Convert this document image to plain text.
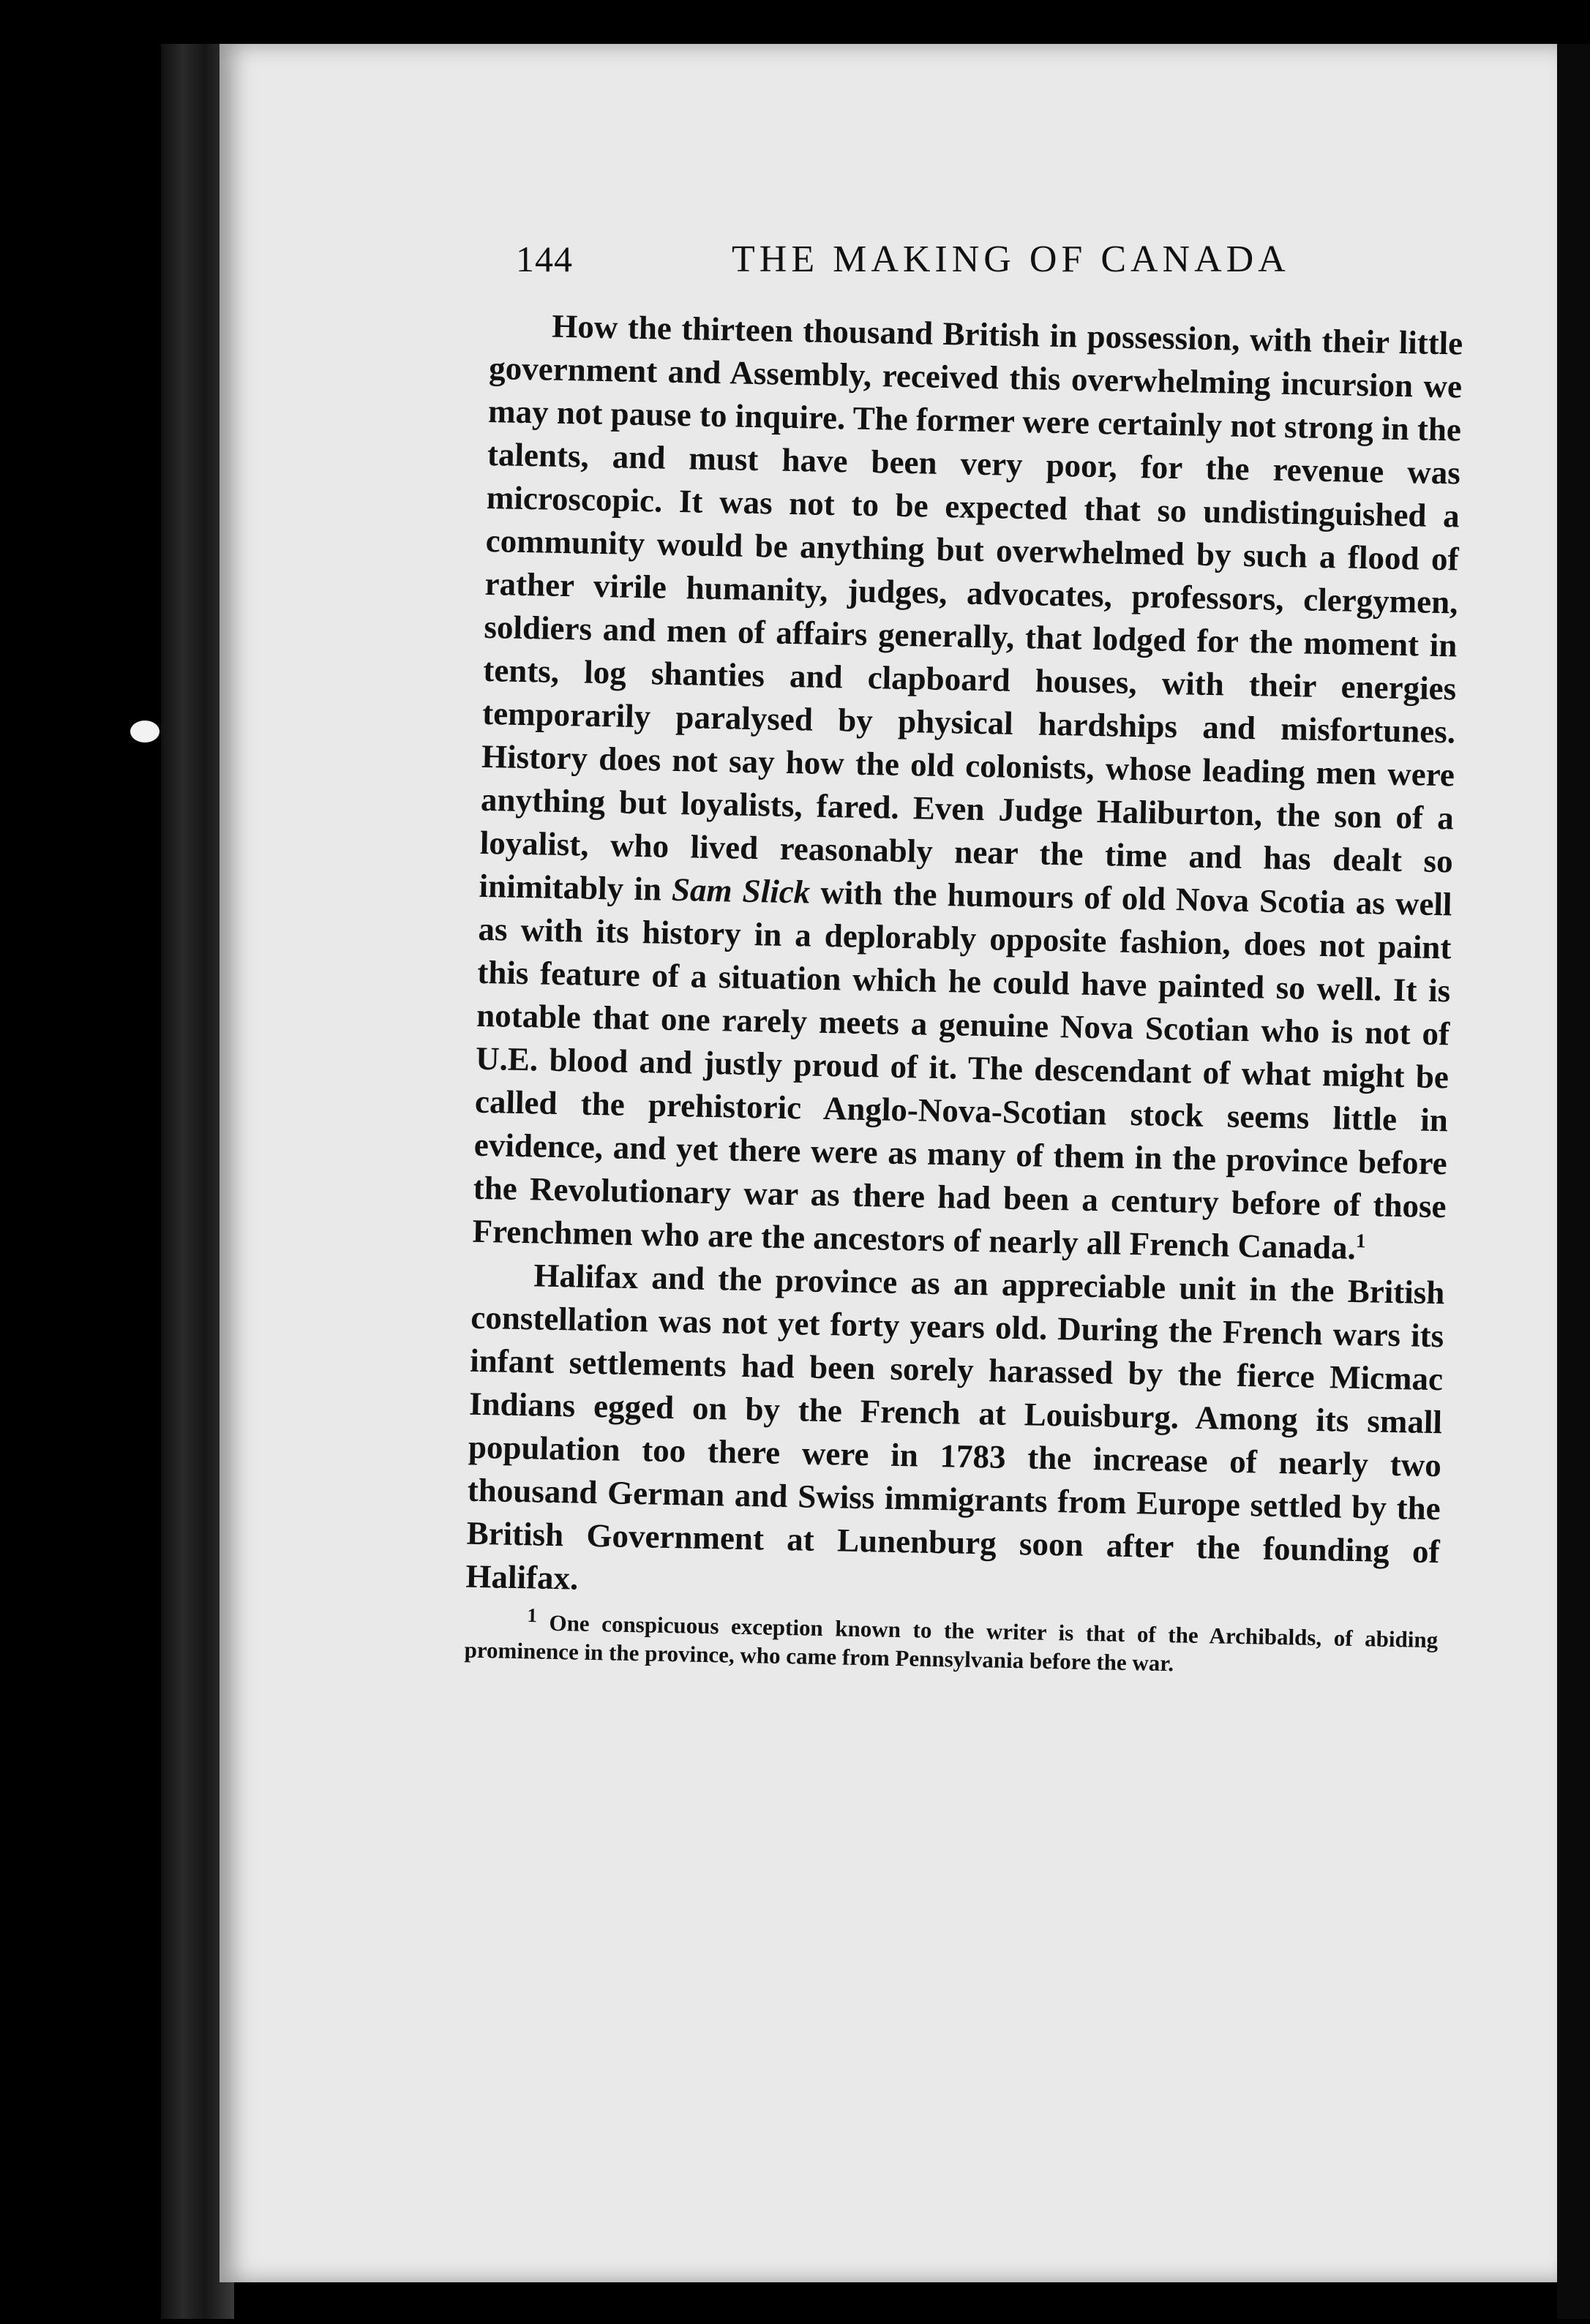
144	THE MAKING OF CANADA

How the thirteen thousand British in possession, with their little government and Assembly, received this overwhelming incursion we may not pause to inquire. The former were certainly not strong in the talents, and must have been very poor, for the revenue was microscopic. It was not to be expected that so undistinguished a community would be anything but overwhelmed by such a flood of rather virile humanity, judges, advocates, professors, clergymen, soldiers and men of affairs generally, that lodged for the moment in tents, log shanties and clapboard houses, with their energies temporarily paralysed by physical hardships and misfortunes. History does not say how the old colonists, whose leading men were anything but loyalists, fared. Even Judge Haliburton, the son of a loyalist, who lived reasonably near the time and has dealt so inimitably in Sam Slick with the humours of old Nova Scotia as well as with its history in a deplorably opposite fashion, does not paint this feature of a situation which he could have painted so well. It is notable that one rarely meets a genuine Nova Scotian who is not of U.E. blood and justly proud of it. The descendant of what might be called the prehistoric Anglo-Nova-Scotian stock seems little in evidence, and yet there were as many of them in the province before the Revolutionary war as there had been a century before of those Frenchmen who are the ancestors of nearly all French Canada.$^1$

Halifax and the province as an appreciable unit in the British constellation was not yet forty years old. During the French wars its infant settlements had been sorely harassed by the fierce Micmac Indians egged on by the French at Louisburg. Among its small population too there were in 1783 the increase of nearly two thousand German and Swiss immigrants from Europe settled by the British Government at Lunenburg soon after the founding of Halifax.

$^1$ One conspicuous exception known to the writer is that of the Archibalds, of abiding prominence in the province, who came from Pennsylvania before the war.
